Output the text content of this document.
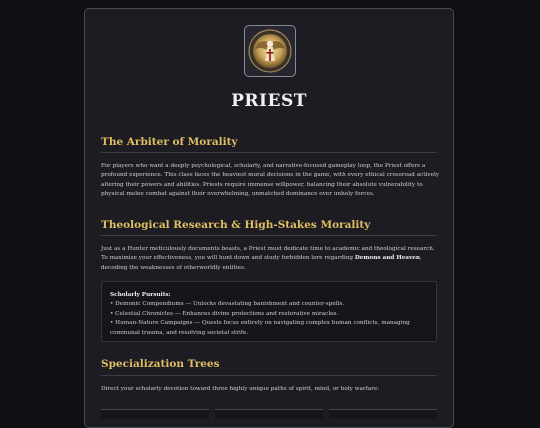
PRIEST
The Arbiter of Morality

For players who want a deeply psychological, scholarly, and narrative-focused gameplay loop, the Priest offers a profound experience. This class faces the heaviest moral decisions in the game, with every ethical crossroad actively altering their powers and abilities. Priests require immense willpower, balancing their absolute vulnerability to physical melee combat against their overwhelming, unmatched dominance over unholy forces.

Theological Research & High-Stakes Morality

Just as a Hunter meticulously documents beasts, a Priest must dedicate time to academic and theological research. To maximize your effectiveness, you will hunt down and study forbidden lore regarding Demons and Heaven, decoding the weaknesses of otherworldly entities.

Scholarly Pursuits:
• Demonic Compendiums — Unlocks devastating banishment and counter-spells.
• Celestial Chronicles — Enhances divine protections and restorative miracles.
• Human-Nature Campaigns — Quests focus entirely on navigating complex human conflicts, managing communal trauma, and resolving societal strife.
Specialization Trees

Direct your scholarly devotion toward three highly unique paths of spirit, mind, or holy warfare:
